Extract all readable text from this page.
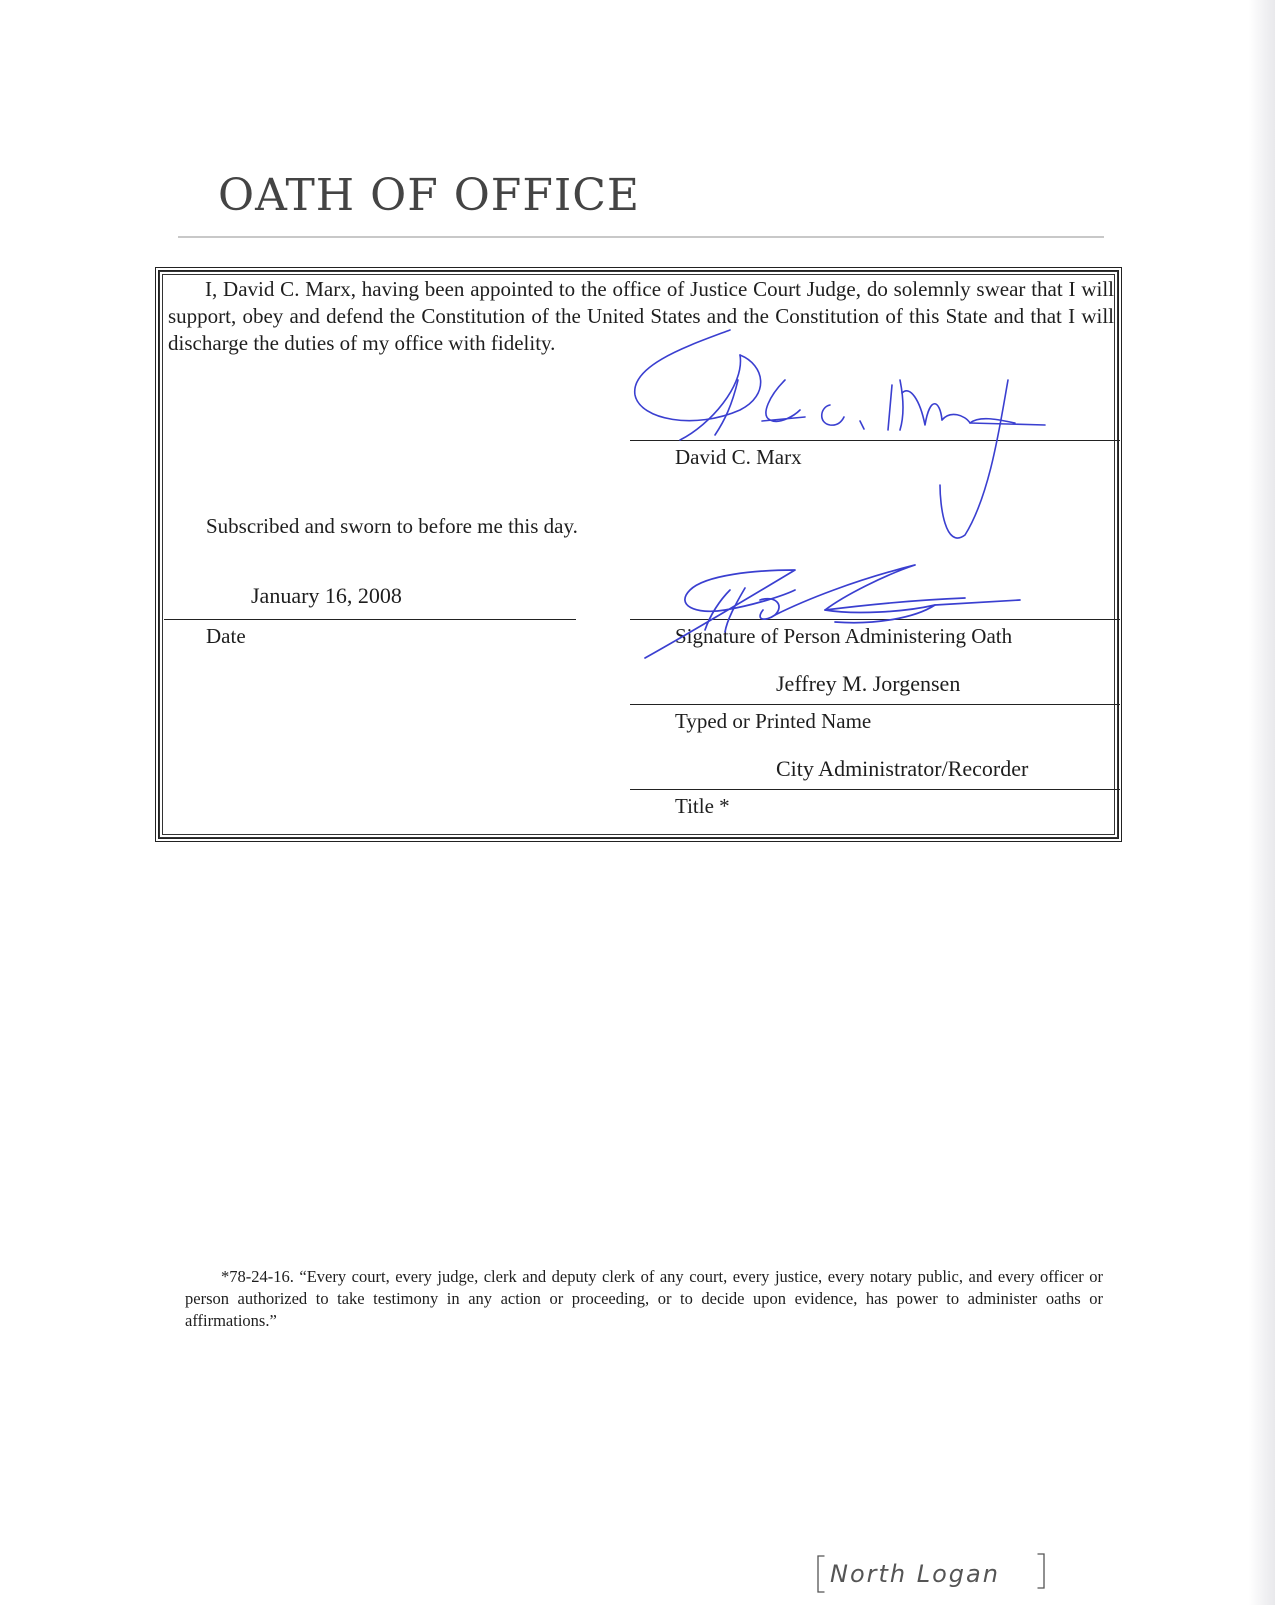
OATH OF OFFICE

I, David C. Marx, having been appointed to the office of Justice Court Judge, do solemnly swear that I will support, obey and defend the Constitution of the United States and the Constitution of this State and that I will discharge the duties of my office with fidelity.

David C. Marx
Subscribed and sworn to before me this day.
January 16, 2008
Date	Signature of Person Administering Oath
Jeffrey M. Jorgensen
Typed or Printed Name
City Administrator/Recorder
Title *

*78-24-16. “Every court, every judge, clerk and deputy clerk of any court, every justice, every notary public, and every officer or person authorized to take testimony in any action or proceeding, or to decide upon evidence, has power to administer oaths or affirmations.”

North Logan
